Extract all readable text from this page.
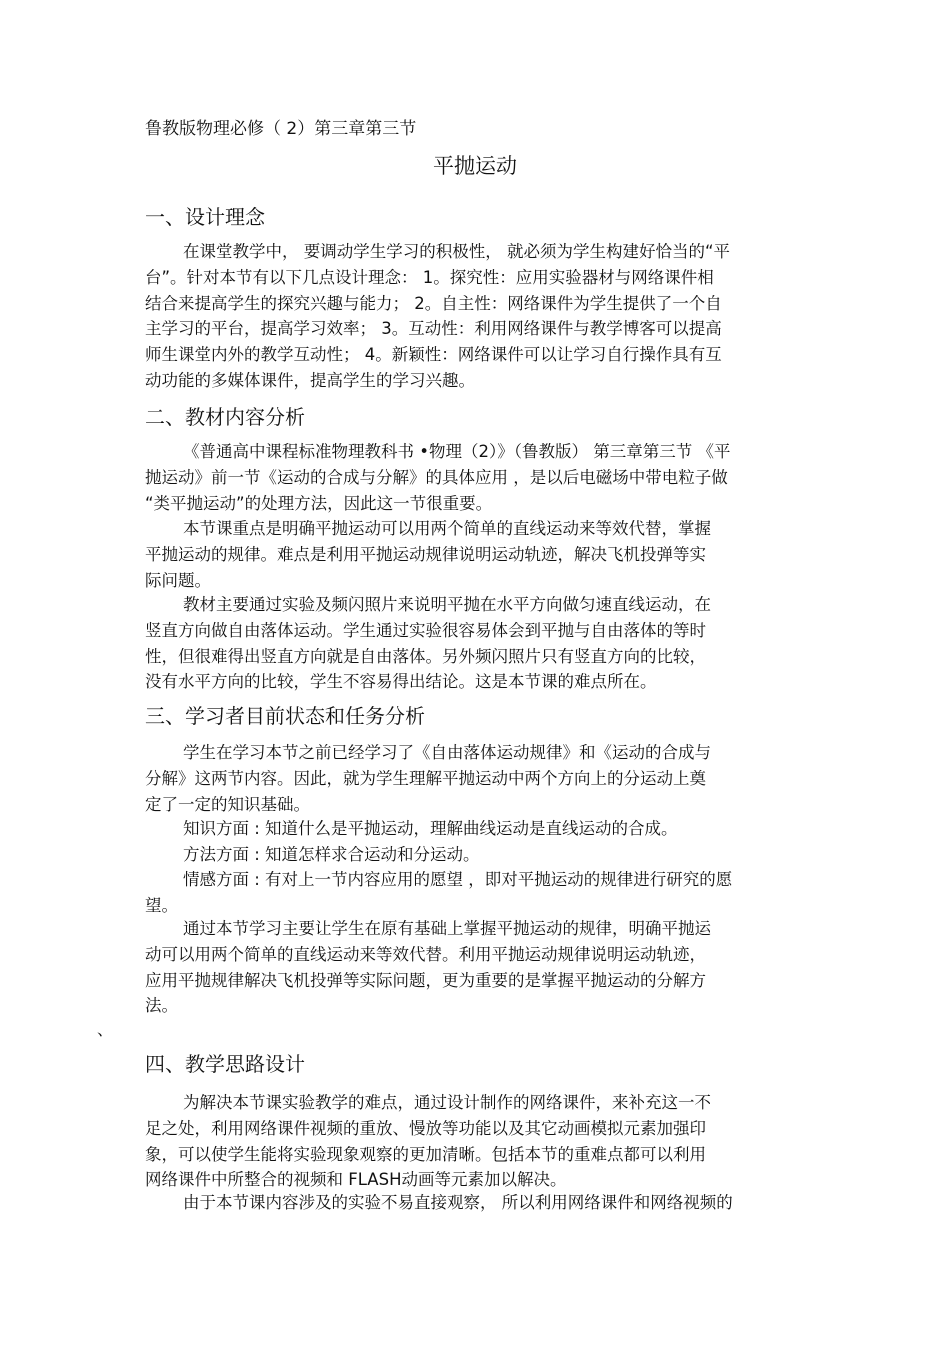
鲁教版物理必修（ 2）第三章第三节
平抛运动
一、设计理念
在课堂教学中， 要调动学生学习的积极性， 就必须为学生构建好恰当的“平
台”。针对本节有以下几点设计理念： 1。探究性：应用实验器材与网络课件相
结合来提高学生的探究兴趣与能力； 2。自主性：网络课件为学生提供了一个自
主学习的平台，提高学习效率； 3。互动性：利用网络课件与教学博客可以提高
师生课堂内外的教学互动性； 4。新颖性：网络课件可以让学习自行操作具有互
动功能的多媒体课件，提高学生的学习兴趣。
二、教材内容分析
《普通高中课程标准物理教科书 •物理（2）》（鲁教版） 第三章第三节 《平
抛运动》前一节《运动的合成与分解》的具体应用 ，是以后电磁场中带电粒子做
“类平抛运动”的处理方法，因此这一节很重要。
本节课重点是明确平抛运动可以用两个简单的直线运动来等效代替，掌握
平抛运动的规律。难点是利用平抛运动规律说明运动轨迹，解决飞机投弹等实
际问题。
教材主要通过实验及频闪照片来说明平抛在水平方向做匀速直线运动，在
竖直方向做自由落体运动。学生通过实验很容易体会到平抛与自由落体的等时
性，但很难得出竖直方向就是自由落体。另外频闪照片只有竖直方向的比较，
没有水平方向的比较，学生不容易得出结论。这是本节课的难点所在。
三、学习者目前状态和任务分析
学生在学习本节之前已经学习了《自由落体运动规律》和《运动的合成与
分解》这两节内容。因此，就为学生理解平抛运动中两个方向上的分运动上奠
定了一定的知识基础。
知识方面 : 知道什么是平抛运动，理解曲线运动是直线运动的合成。
方法方面 : 知道怎样求合运动和分运动。
情感方面 : 有对上一节内容应用的愿望 ，即对平抛运动的规律进行研究的愿
望。
通过本节学习主要让学生在原有基础上掌握平抛运动的规律，明确平抛运
动可以用两个简单的直线运动来等效代替。利用平抛运动规律说明运动轨迹，
应用平抛规律解决飞机投弹等实际问题，更为重要的是掌握平抛运动的分解方
法。
、
四、教学思路设计
为解决本节课实验教学的难点，通过设计制作的网络课件，来补充这一不
足之处，利用网络课件视频的重放、慢放等功能以及其它动画模拟元素加强印
象，可以使学生能将实验现象观察的更加清晰。包括本节的重难点都可以利用
网络课件中所整合的视频和 FLASH动画等元素加以解决。
由于本节课内容涉及的实验不易直接观察， 所以利用网络课件和网络视频的
